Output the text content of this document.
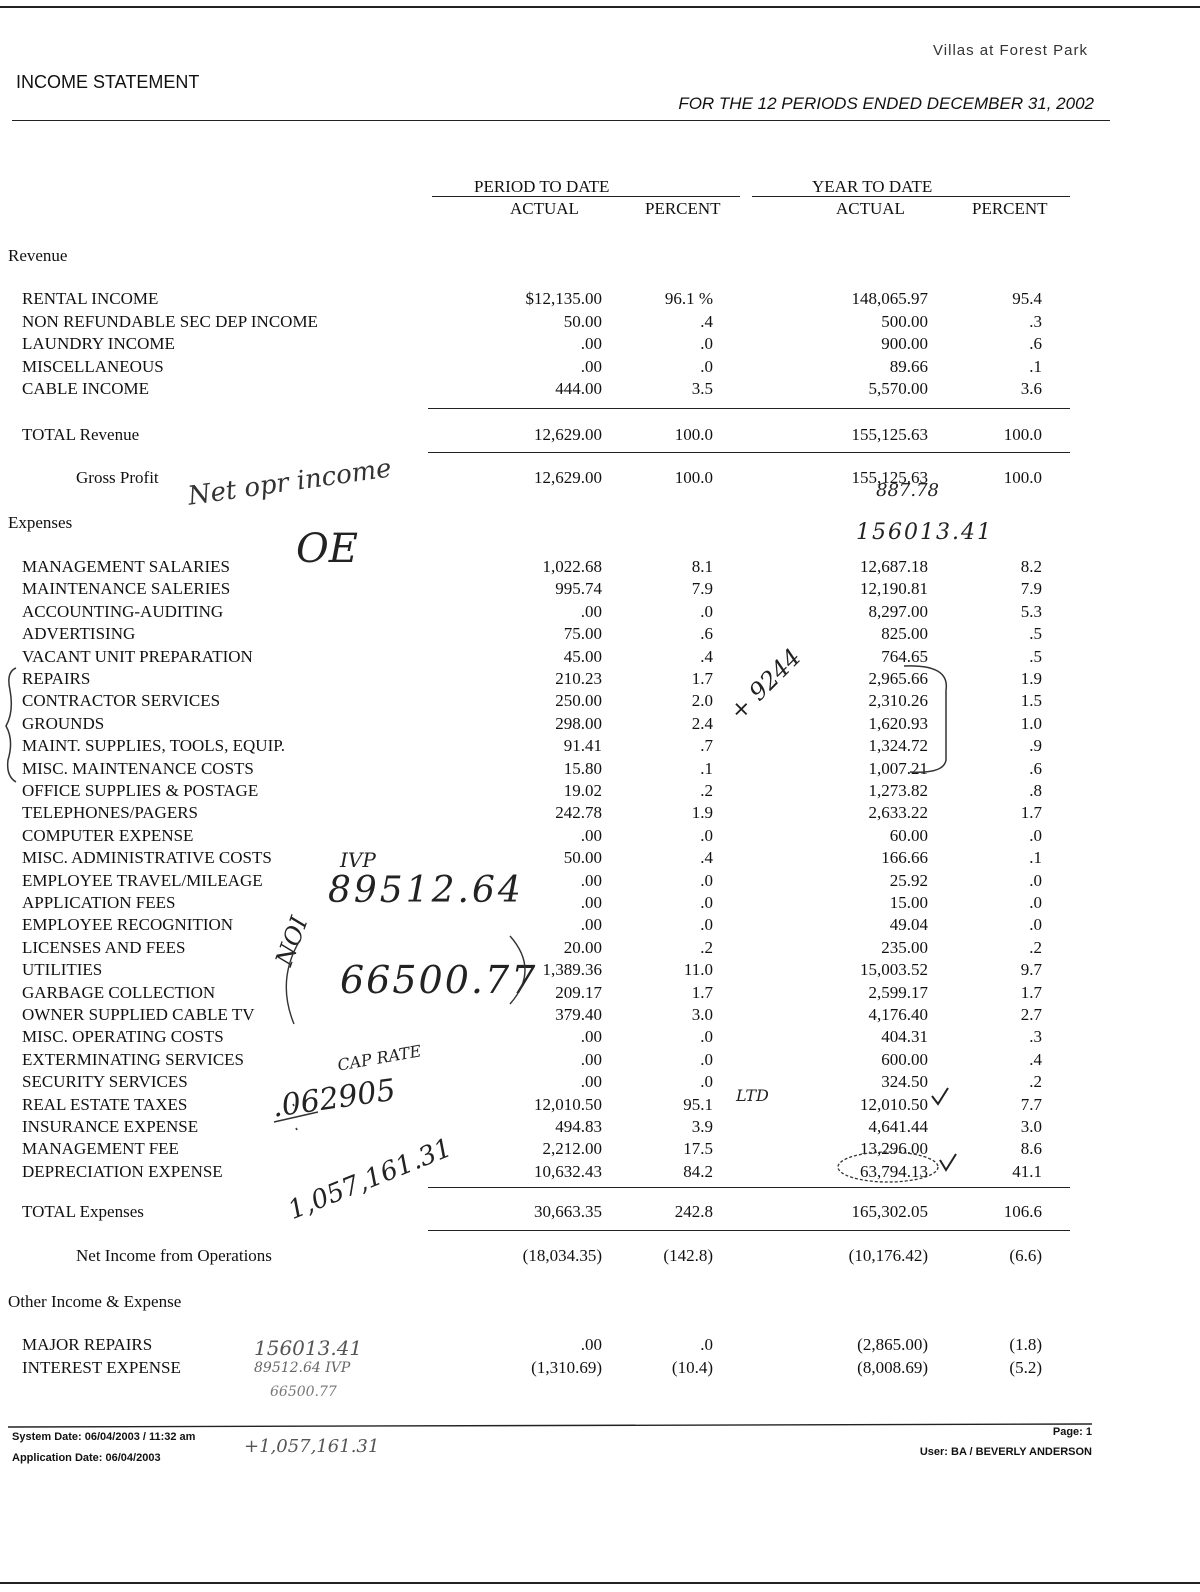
Villas at Forest Park
INCOME STATEMENT
FOR THE 12 PERIODS ENDED DECEMBER 31, 2002
PERIOD TO DATE	YEAR TO DATE
ACTUAL	PERCENT	ACTUAL	PERCENT
Revenue
RENTAL INCOME	$12,135.00	96.1 %	148,065.97	95.4
NON REFUNDABLE SEC DEP INCOME	50.00	.4	500.00	.3
LAUNDRY INCOME	.00	.0	900.00	.6
MISCELLANEOUS	.00	.0	89.66	.1
CABLE INCOME	444.00	3.5	5,570.00	3.6
TOTAL Revenue	12,629.00	100.0	155,125.63	100.0
Gross Profit	12,629.00	100.0	155,125.63	100.0
Expenses
MANAGEMENT SALARIES	1,022.68	8.1	12,687.18	8.2
MAINTENANCE SALERIES	995.74	7.9	12,190.81	7.9
ACCOUNTING-AUDITING	.00	.0	8,297.00	5.3
ADVERTISING	75.00	.6	825.00	.5
VACANT UNIT PREPARATION	45.00	.4	764.65	.5
REPAIRS	210.23	1.7	2,965.66	1.9
CONTRACTOR SERVICES	250.00	2.0	2,310.26	1.5
GROUNDS	298.00	2.4	1,620.93	1.0
MAINT. SUPPLIES, TOOLS, EQUIP.	91.41	.7	1,324.72	.9
MISC. MAINTENANCE COSTS	15.80	.1	1,007.21	.6
OFFICE SUPPLIES & POSTAGE	19.02	.2	1,273.82	.8
TELEPHONES/PAGERS	242.78	1.9	2,633.22	1.7
COMPUTER EXPENSE	.00	.0	60.00	.0
MISC. ADMINISTRATIVE COSTS	50.00	.4	166.66	.1
EMPLOYEE TRAVEL/MILEAGE	.00	.0	25.92	.0
APPLICATION FEES	.00	.0	15.00	.0
EMPLOYEE RECOGNITION	.00	.0	49.04	.0
LICENSES AND FEES	20.00	.2	235.00	.2
UTILITIES	1,389.36	11.0	15,003.52	9.7
GARBAGE COLLECTION	209.17	1.7	2,599.17	1.7
OWNER SUPPLIED CABLE TV	379.40	3.0	4,176.40	2.7
MISC. OPERATING COSTS	.00	.0	404.31	.3
EXTERMINATING SERVICES	.00	.0	600.00	.4
SECURITY SERVICES	.00	.0	324.50	.2
REAL ESTATE TAXES	12,010.50	95.1	12,010.50	7.7
INSURANCE EXPENSE	494.83	3.9	4,641.44	3.0
MANAGEMENT FEE	2,212.00	17.5	13,296.00	8.6
DEPRECIATION EXPENSE	10,632.43	84.2	63,794.13	41.1
TOTAL Expenses	30,663.35	242.8	165,302.05	106.6
Net Income from Operations	(18,034.35)	(142.8)	(10,176.42)	(6.6)
Other Income & Expense
MAJOR REPAIRS	.00	.0	(2,865.00)	(1.8)
INTEREST EXPENSE	(1,310.69)	(10.4)	(8,008.69)	(5.2)
Net opr income
OE
887.78
156013.41
+ 9244
IVP
89512.64
NOI
66500.77
CAP RATE
.062905
1,057,161.31
LTD
156013.41
89512.64 IVP
66500.77
+1,057,161.31
System Date: 06/04/2003 / 11:32 am
Application Date: 06/04/2003
Page: 1
User: BA / BEVERLY ANDERSON
